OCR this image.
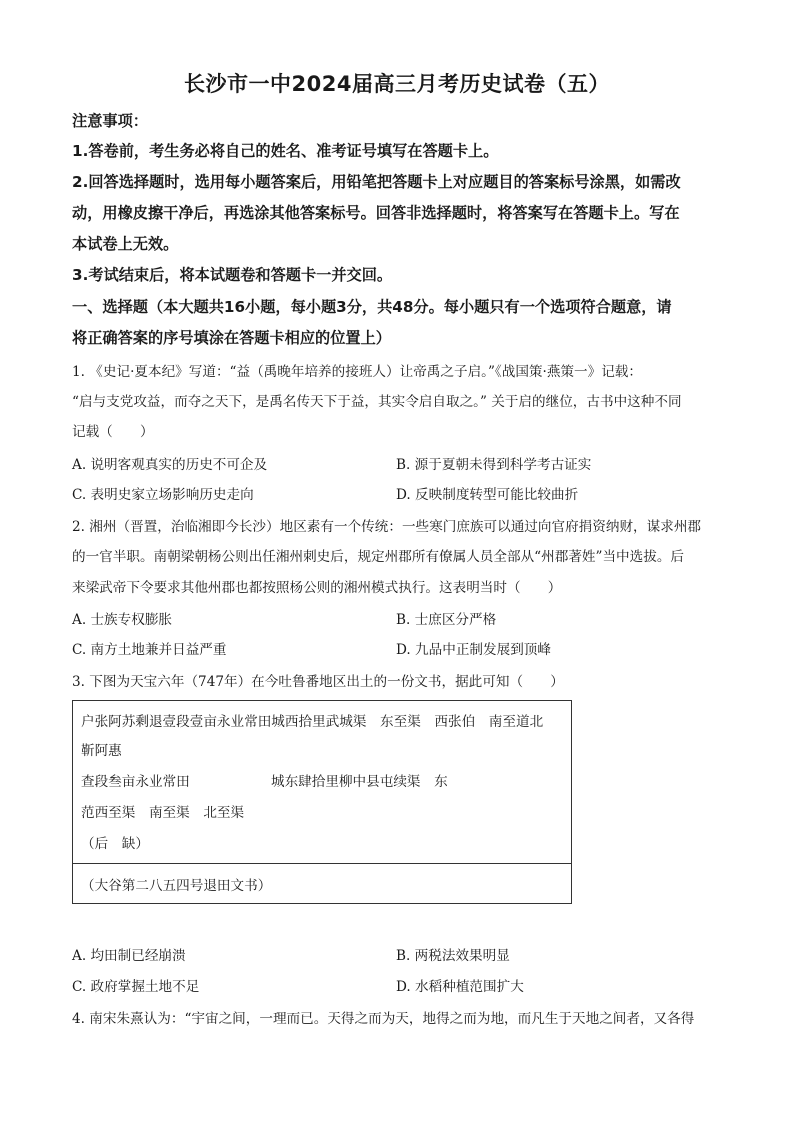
长沙市一中2024届高三月考历史试卷（五）
注意事项：
1.答卷前，考生务必将自己的姓名、准考证号填写在答题卡上。
2.回答选择题时，选用每小题答案后，用铅笔把答题卡上对应题目的答案标号涂黑，如需改
动，用橡皮擦干净后，再选涂其他答案标号。回答非选择题时，将答案写在答题卡上。写在
本试卷上无效。
3.考试结束后，将本试题卷和答题卡一并交回。
一、选择题（本大题共16小题，每小题3分，共48分。每小题只有一个选项符合题意，请
将正确答案的序号填涂在答题卡相应的位置上）
1. 《史记·夏本纪》写道：“益（禹晚年培养的接班人）让帝禹之子启。”《战国策·燕策一》记载：
“启与支党攻益，而夺之天下，是禹名传天下于益，其实令启自取之。” 关于启的继位，古书中这种不同
记载（　　）
A. 说明客观真实的历史不可企及	B. 源于夏朝未得到科学考古证实
C. 表明史家立场影响历史走向	D. 反映制度转型可能比较曲折
2. 湘州（晋置，治临湘即今长沙）地区素有一个传统：一些寒门庶族可以通过向官府捐资纳财，谋求州郡
的一官半职。南朝梁朝杨公则出任湘州刺史后，规定州郡所有僚属人员全部从“州郡著姓”当中选拔。后
来梁武帝下令要求其他州郡也都按照杨公则的湘州模式执行。这表明当时（　　）
A. 士族专权膨胀	B. 士庶区分严格
C. 南方土地兼并日益严重	D. 九品中正制发展到顶峰
3. 下图为天宝六年（747年）在今吐鲁番地区出土的一份文书，据此可知（　　）
户张阿苏剩退壹段壹亩永业常田城西拾里武城渠　东至渠　西张伯　南至道北
靳阿惠
查段叁亩永业常田	城东肆拾里柳中县屯续渠　东
范西至渠　南至渠　北至渠
（后　缺）
（大谷第二八五四号退田文书）
A. 均田制已经崩溃	B. 两税法效果明显
C. 政府掌握土地不足	D. 水稻种植范围扩大
4. 南宋朱熹认为：“宇宙之间，一理而已。天得之而为天，地得之而为地，而凡生于天地之间者，又各得
